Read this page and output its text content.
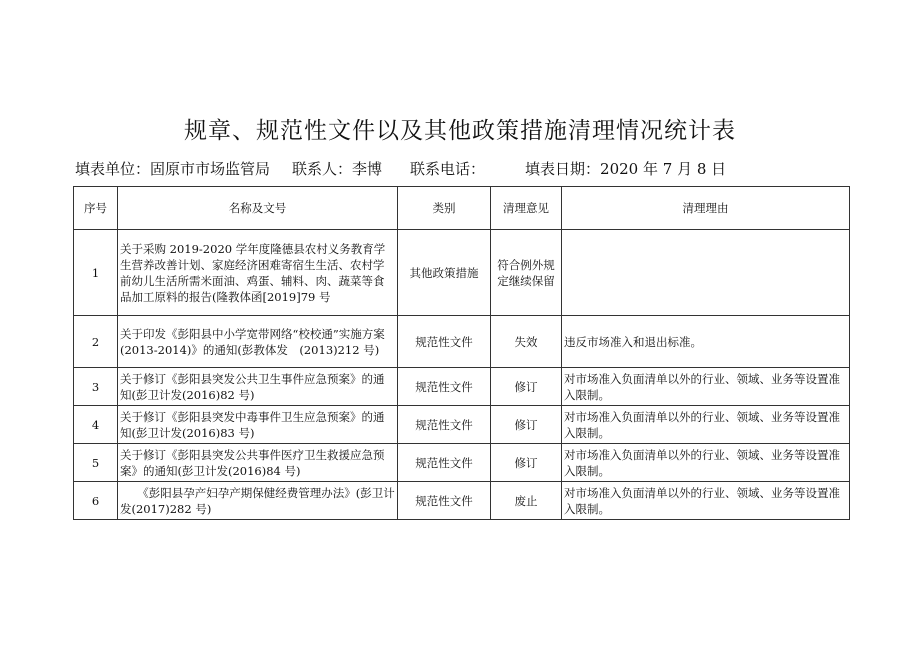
规章、规范性文件以及其他政策措施清理情况统计表
填表单位：固原市市场监管局 联系人：李博 联系电话：	填表日期：2020 年 7 月 8 日
序号	名称及文号	类别	清理意见	清理理由
1	关于采购 2019-2020 学年度隆德县农村义务教育学生营养改善计划、家庭经济困难寄宿生生活、农村学前幼儿生活所需米面油、鸡蛋、辅料、肉、蔬菜等食品加工原料的报告(隆教体函[2019]79 号	其他政策措施	符合例外规定继续保留	
2	关于印发《彭阳县中小学宽带网络“校校通”实施方案(2013-2014)》的通知(彭教体发　(2013)212 号)	规范性文件	失效	违反市场准入和退出标准。
3	关于修订《彭阳县突发公共卫生事件应急预案》的通知(彭卫计发(2016)82 号)	规范性文件	修订	对市场准入负面清单以外的行业、领域、业务等设置准入限制。
4	关于修订《彭阳县突发中毒事件卫生应急预案》的通知(彭卫计发(2016)83 号)	规范性文件	修订	对市场准入负面清单以外的行业、领域、业务等设置准入限制。
5	关于修订《彭阳县突发公共事件医疗卫生救援应急预案》的通知(彭卫计发(2016)84 号)	规范性文件	修订	对市场准入负面清单以外的行业、领域、业务等设置准入限制。
6	　　《彭阳县孕产妇孕产期保健经费管理办法》(彭卫计发(2017)282 号)	规范性文件	废止	对市场准入负面清单以外的行业、领域、业务等设置准入限制。
